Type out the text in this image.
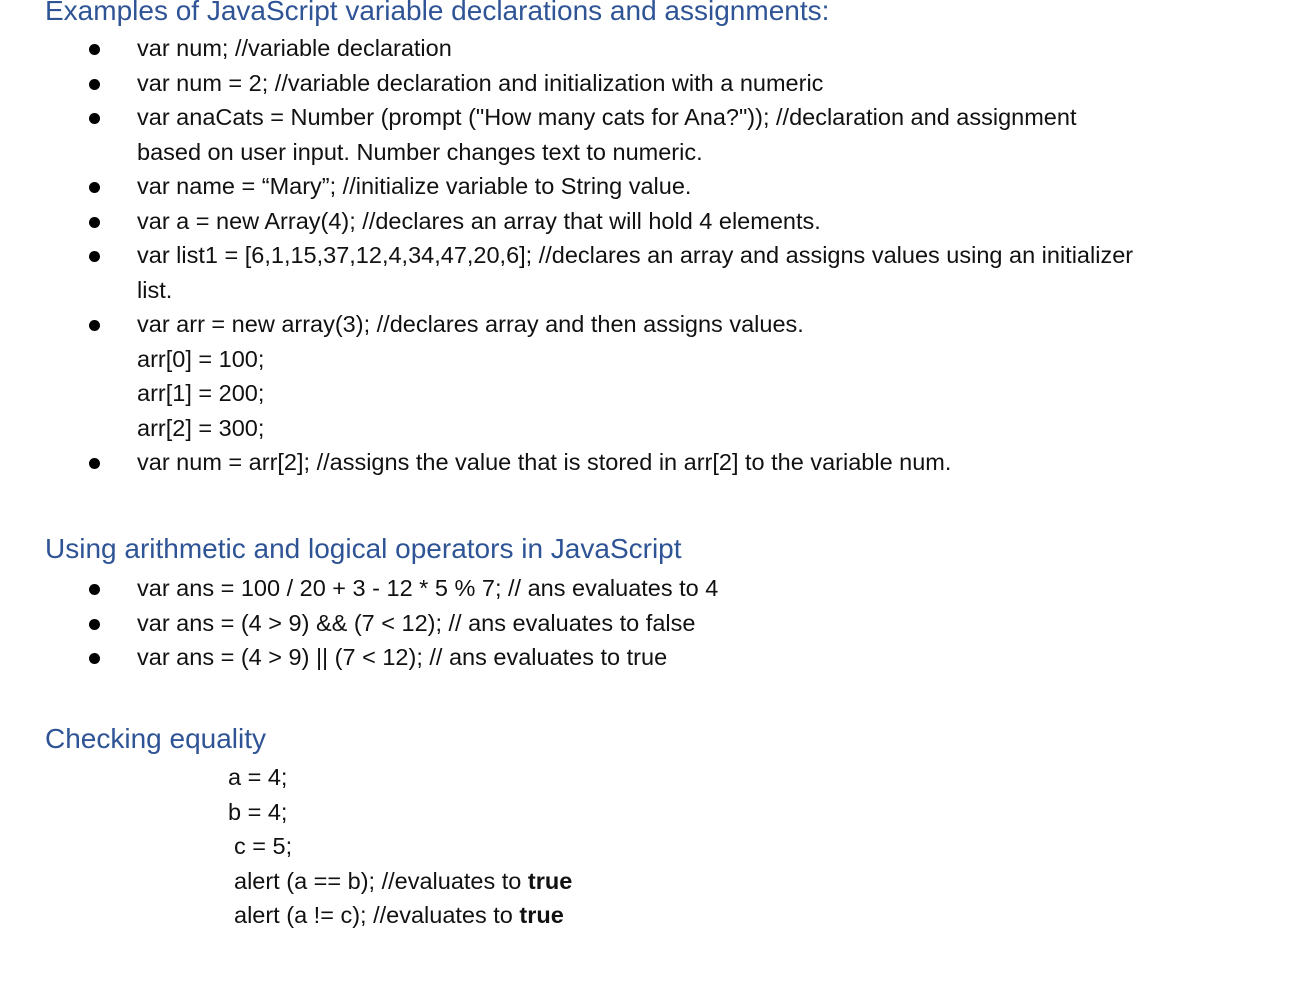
Examples of JavaScript variable declarations and assignments:
var num; //variable declaration
var num = 2; //variable declaration and initialization with a numeric
var anaCats = Number (prompt ("How many cats for Ana?")); //declaration and assignment
based on user input. Number changes text to numeric.
var name = “Mary”; //initialize variable to String value.
var a = new Array(4); //declares an array that will hold 4 elements.
var list1 = [6,1,15,37,12,4,34,47,20,6]; //declares an array and assigns values using an initializer
list.
var arr = new array(3); //declares array and then assigns values.
arr[0] = 100;
arr[1] = 200;
arr[2] = 300;
var num = arr[2]; //assigns the value that is stored in arr[2] to the variable num.
Using arithmetic and logical operators in JavaScript
var ans = 100 / 20 + 3 - 12 * 5 % 7; // ans evaluates to 4
var ans = (4 > 9) && (7 < 12); // ans evaluates to false
var ans = (4 > 9) || (7 < 12); // ans evaluates to true
Checking equality
a = 4;
b = 4;
c = 5;
alert (a == b); //evaluates to true
alert (a != c); //evaluates to true
